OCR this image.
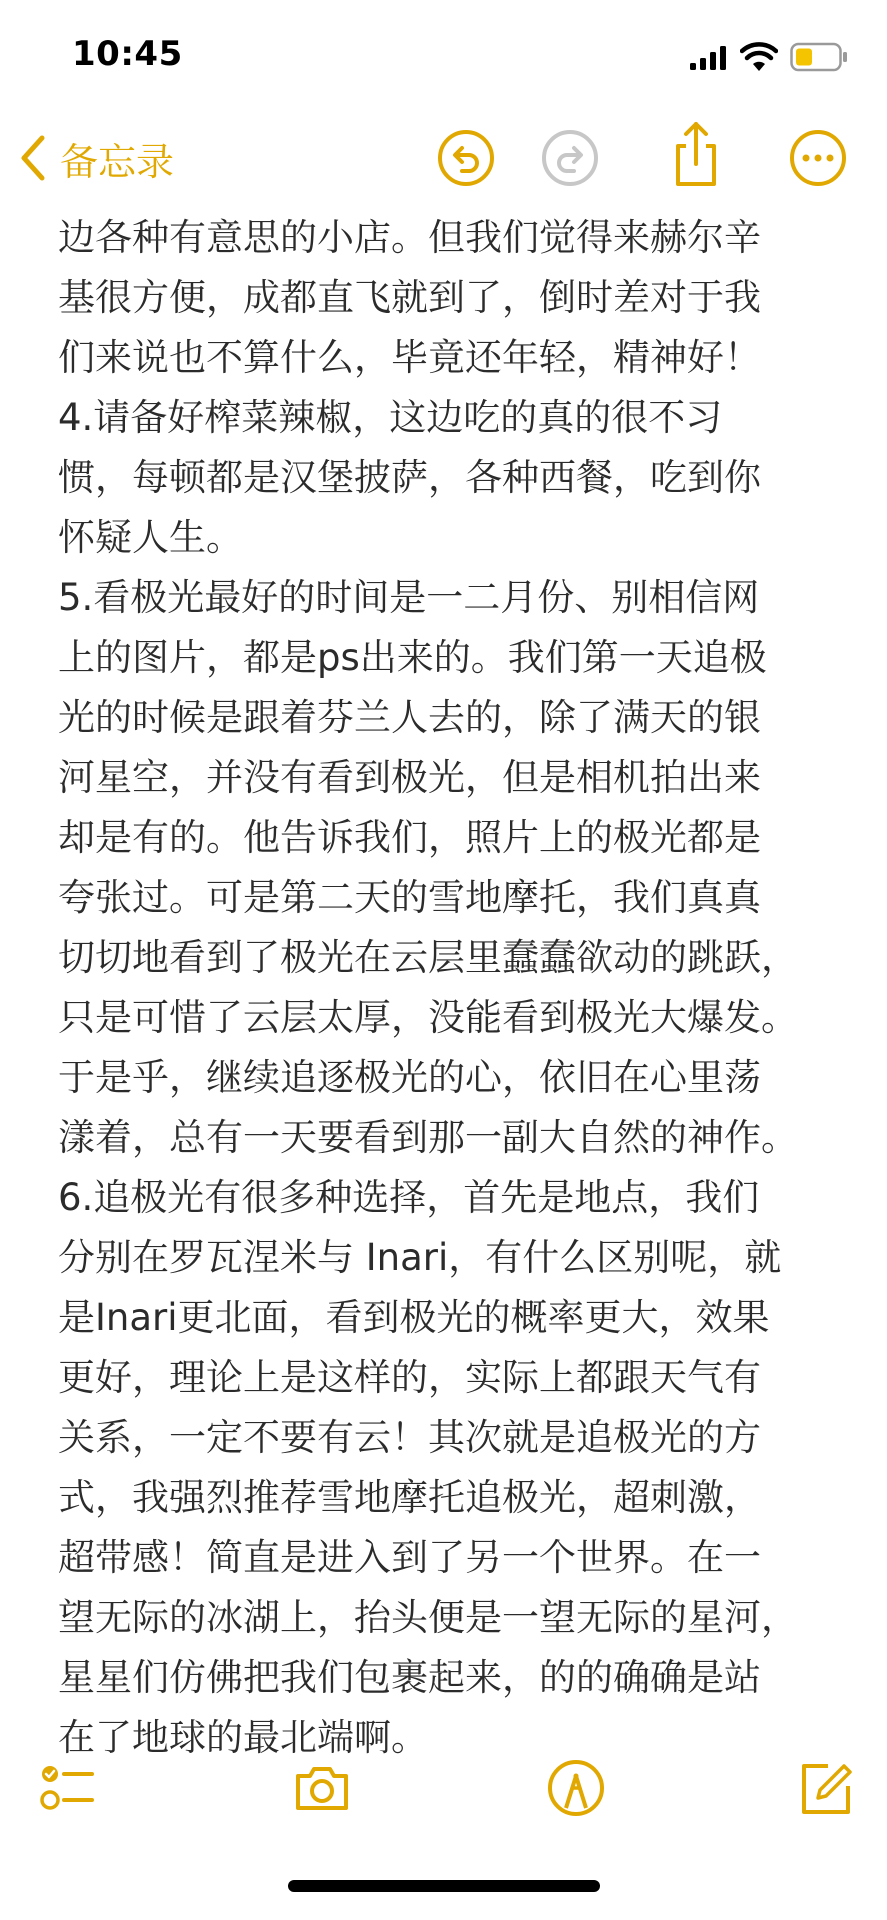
10:45
备忘录
边各种有意思的小店。但我们觉得来赫尔辛
基很方便，成都直飞就到了，倒时差对于我
们来说也不算什么，毕竟还年轻，精神好！
4.请备好榨菜辣椒，这边吃的真的很不习
惯，每顿都是汉堡披萨，各种西餐，吃到你
怀疑人生。
5.看极光最好的时间是一二月份、别相信网
上的图片，都是ps出来的。我们第一天追极
光的时候是跟着芬兰人去的，除了满天的银
河星空，并没有看到极光，但是相机拍出来
却是有的。他告诉我们，照片上的极光都是
夸张过。可是第二天的雪地摩托，我们真真
切切地看到了极光在云层里蠢蠢欲动的跳跃，
只是可惜了云层太厚，没能看到极光大爆发。
于是乎，继续追逐极光的心，依旧在心里荡
漾着，总有一天要看到那一副大自然的神作。
6.追极光有很多种选择，首先是地点，我们
分别在罗瓦涅米与 Inari，有什么区别呢，就
是Inari更北面，看到极光的概率更大，效果
更好，理论上是这样的，实际上都跟天气有
关系，一定不要有云！其次就是追极光的方
式，我强烈推荐雪地摩托追极光，超刺激，
超带感！简直是进入到了另一个世界。在一
望无际的冰湖上，抬头便是一望无际的星河，
星星们仿佛把我们包裹起来，的的确确是站
在了地球的最北端啊。
